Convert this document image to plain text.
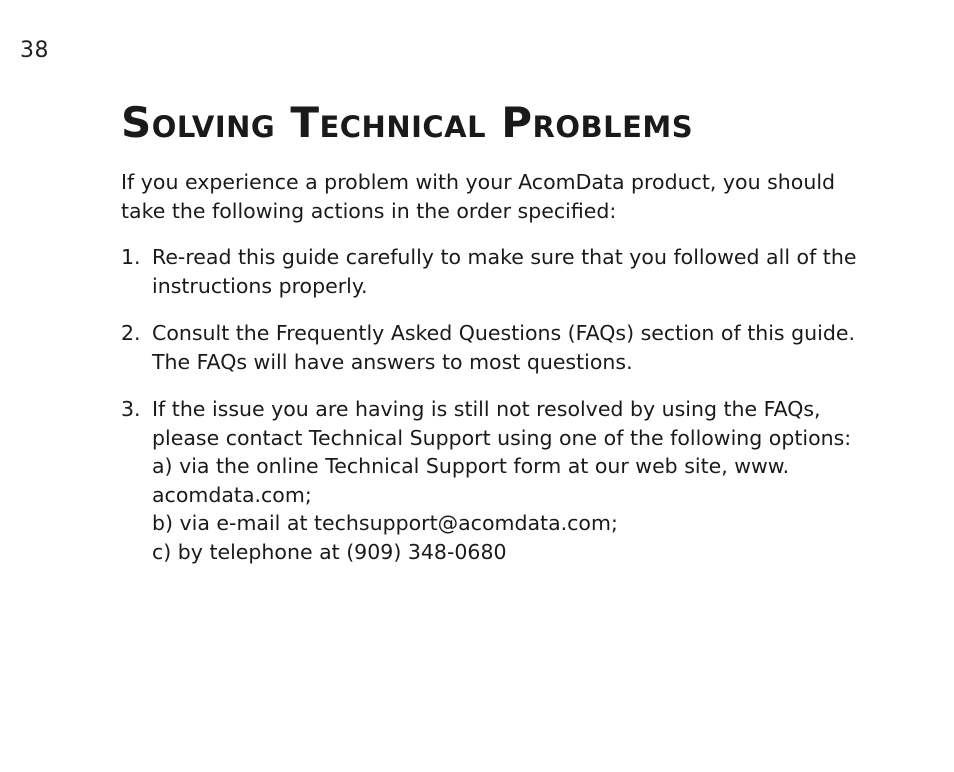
38
Solving Technical Problems

If you experience a problem with your AcomData product, you should take the following actions in the order specified:

1. Re-read this guide carefully to make sure that you followed all of the instructions properly.
2. Consult the Frequently Asked Questions (FAQs) section of this guide. The FAQs will have answers to most questions.
3. If the issue you are having is still not resolved by using the FAQs, please contact Technical Support using one of the following options:
a) via the online Technical Support form at our web site, www. acomdata.com;
b) via e-mail at techsupport@acomdata.com;
c) by telephone at (909) 348-0680
